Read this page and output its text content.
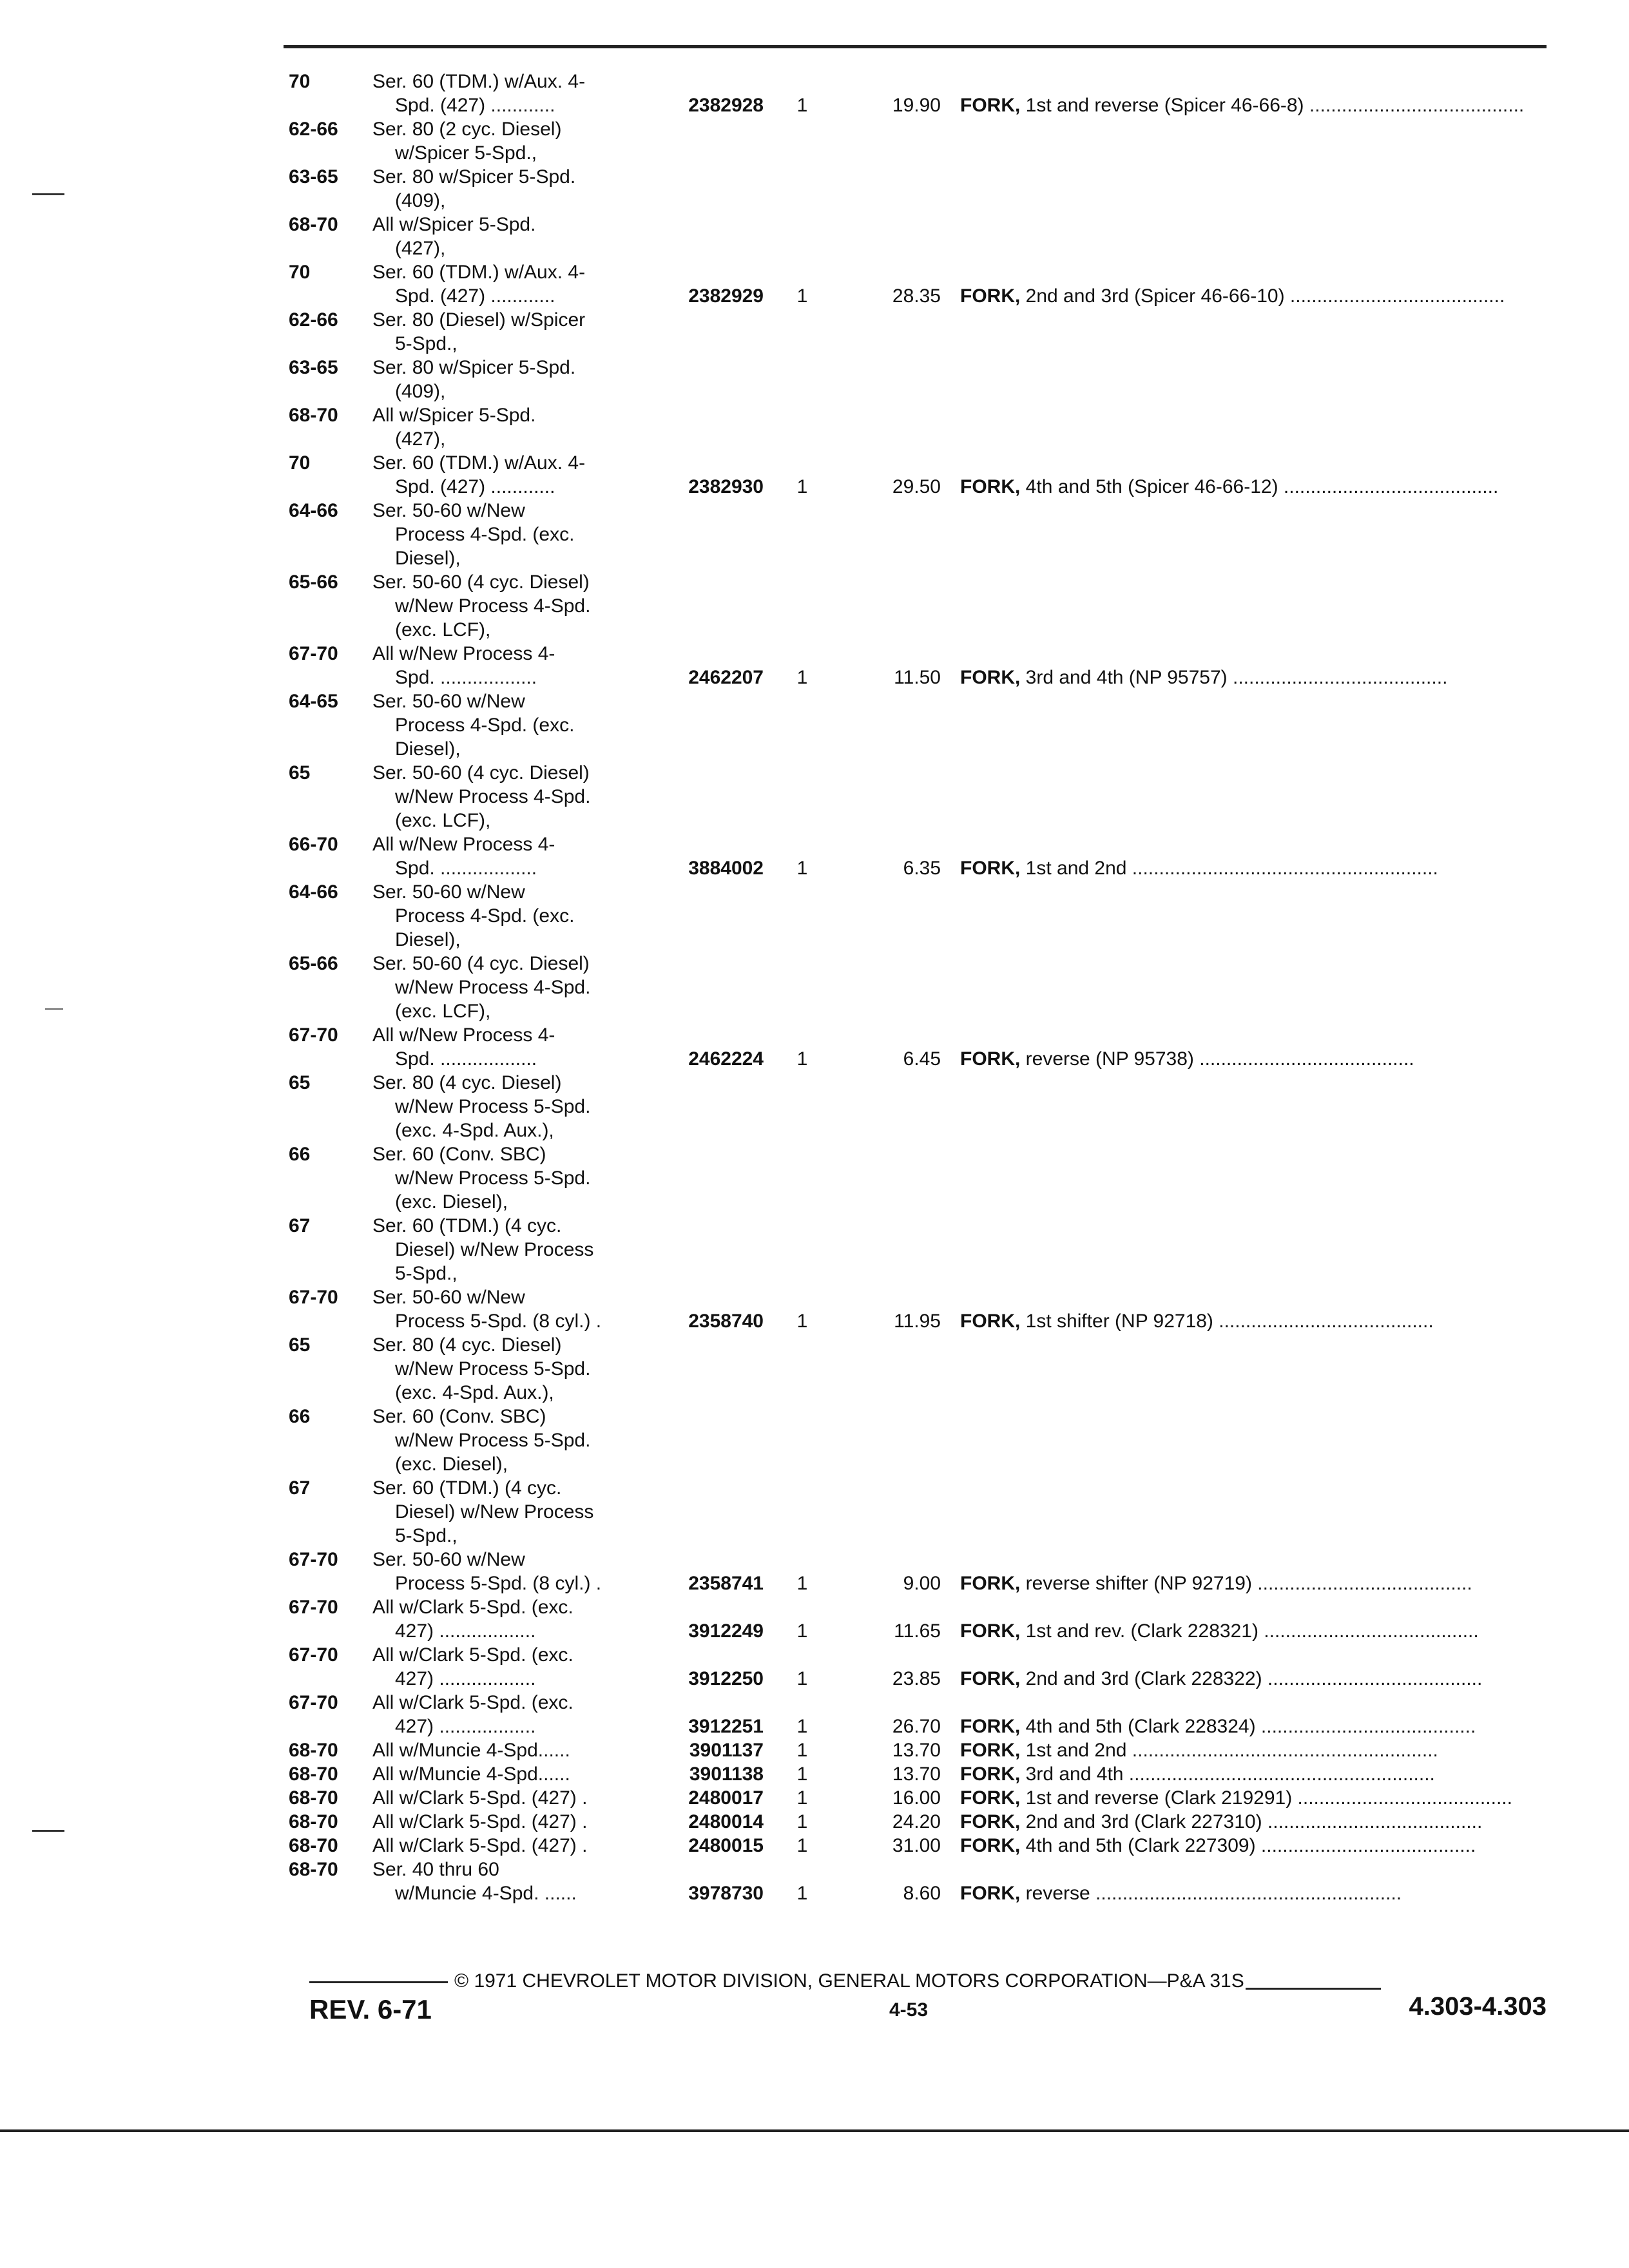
70	Ser. 60 (TDM.) w/Aux. 4-
Spd. (427) ............	2382928	1	19.90 FORK, 1st and reverse (Spicer 46-66-8) ........................................
62-66	Ser. 80 (2 cyc. Diesel)
w/Spicer 5-Spd.,
63-65	Ser. 80 w/Spicer 5-Spd.
(409),
68-70	All w/Spicer 5-Spd.
(427),
70	Ser. 60 (TDM.) w/Aux. 4-
Spd. (427) ............	2382929	1	28.35 FORK, 2nd and 3rd (Spicer 46-66-10) ........................................
62-66	Ser. 80 (Diesel) w/Spicer
5-Spd.,
63-65	Ser. 80 w/Spicer 5-Spd.
(409),
68-70	All w/Spicer 5-Spd.
(427),
70	Ser. 60 (TDM.) w/Aux. 4-
Spd. (427) ............	2382930	1	29.50 FORK, 4th and 5th (Spicer 46-66-12) ........................................
64-66	Ser. 50-60 w/New
Process 4-Spd. (exc.
Diesel),
65-66	Ser. 50-60 (4 cyc. Diesel)
w/New Process 4-Spd.
(exc. LCF),
67-70	All w/New Process 4-
Spd. ..................	2462207	1	11.50 FORK, 3rd and 4th (NP 95757) ........................................
64-65	Ser. 50-60 w/New
Process 4-Spd. (exc.
Diesel),
65	Ser. 50-60 (4 cyc. Diesel)
w/New Process 4-Spd.
(exc. LCF),
66-70	All w/New Process 4-
Spd. ..................	3884002	1	6.35 FORK, 1st and 2nd .........................................................
64-66	Ser. 50-60 w/New
Process 4-Spd. (exc.
Diesel),
65-66	Ser. 50-60 (4 cyc. Diesel)
w/New Process 4-Spd.
(exc. LCF),
67-70	All w/New Process 4-
Spd. ..................	2462224	1	6.45 FORK, reverse (NP 95738) ........................................
65	Ser. 80 (4 cyc. Diesel)
w/New Process 5-Spd.
(exc. 4-Spd. Aux.),
66	Ser. 60 (Conv. SBC)
w/New Process 5-Spd.
(exc. Diesel),
67	Ser. 60 (TDM.) (4 cyc.
Diesel) w/New Process
5-Spd.,
67-70	Ser. 50-60 w/New
Process 5-Spd. (8 cyl.) .	2358740	1	11.95 FORK, 1st shifter (NP 92718) ........................................
65	Ser. 80 (4 cyc. Diesel)
w/New Process 5-Spd.
(exc. 4-Spd. Aux.),
66	Ser. 60 (Conv. SBC)
w/New Process 5-Spd.
(exc. Diesel),
67	Ser. 60 (TDM.) (4 cyc.
Diesel) w/New Process
5-Spd.,
67-70	Ser. 50-60 w/New
Process 5-Spd. (8 cyl.) .	2358741	1	9.00 FORK, reverse shifter (NP 92719) ........................................
67-70	All w/Clark 5-Spd. (exc.
427) ..................	3912249	1	11.65 FORK, 1st and rev. (Clark 228321) ........................................
67-70	All w/Clark 5-Spd. (exc.
427) ..................	3912250	1	23.85 FORK, 2nd and 3rd (Clark 228322) ........................................
67-70	All w/Clark 5-Spd. (exc.
427) ..................	3912251	1	26.70 FORK, 4th and 5th (Clark 228324) ........................................
68-70	All w/Muncie 4-Spd......	3901137	1	13.70 FORK, 1st and 2nd .........................................................
68-70	All w/Muncie 4-Spd......	3901138	1	13.70 FORK, 3rd and 4th .........................................................
68-70	All w/Clark 5-Spd. (427) .	2480017	1	16.00 FORK, 1st and reverse (Clark 219291) ........................................
68-70	All w/Clark 5-Spd. (427) .	2480014	1	24.20 FORK, 2nd and 3rd (Clark 227310) ........................................
68-70	All w/Clark 5-Spd. (427) .	2480015	1	31.00 FORK, 4th and 5th (Clark 227309) ........................................
68-70	Ser. 40 thru 60
w/Muncie 4-Spd. ......	3978730	1	8.60 FORK, reverse .........................................................
© 1971 CHEVROLET MOTOR DIVISION, GENERAL MOTORS CORPORATION—P&A 31S
REV. 6-71	4-53	4.303-4.303
